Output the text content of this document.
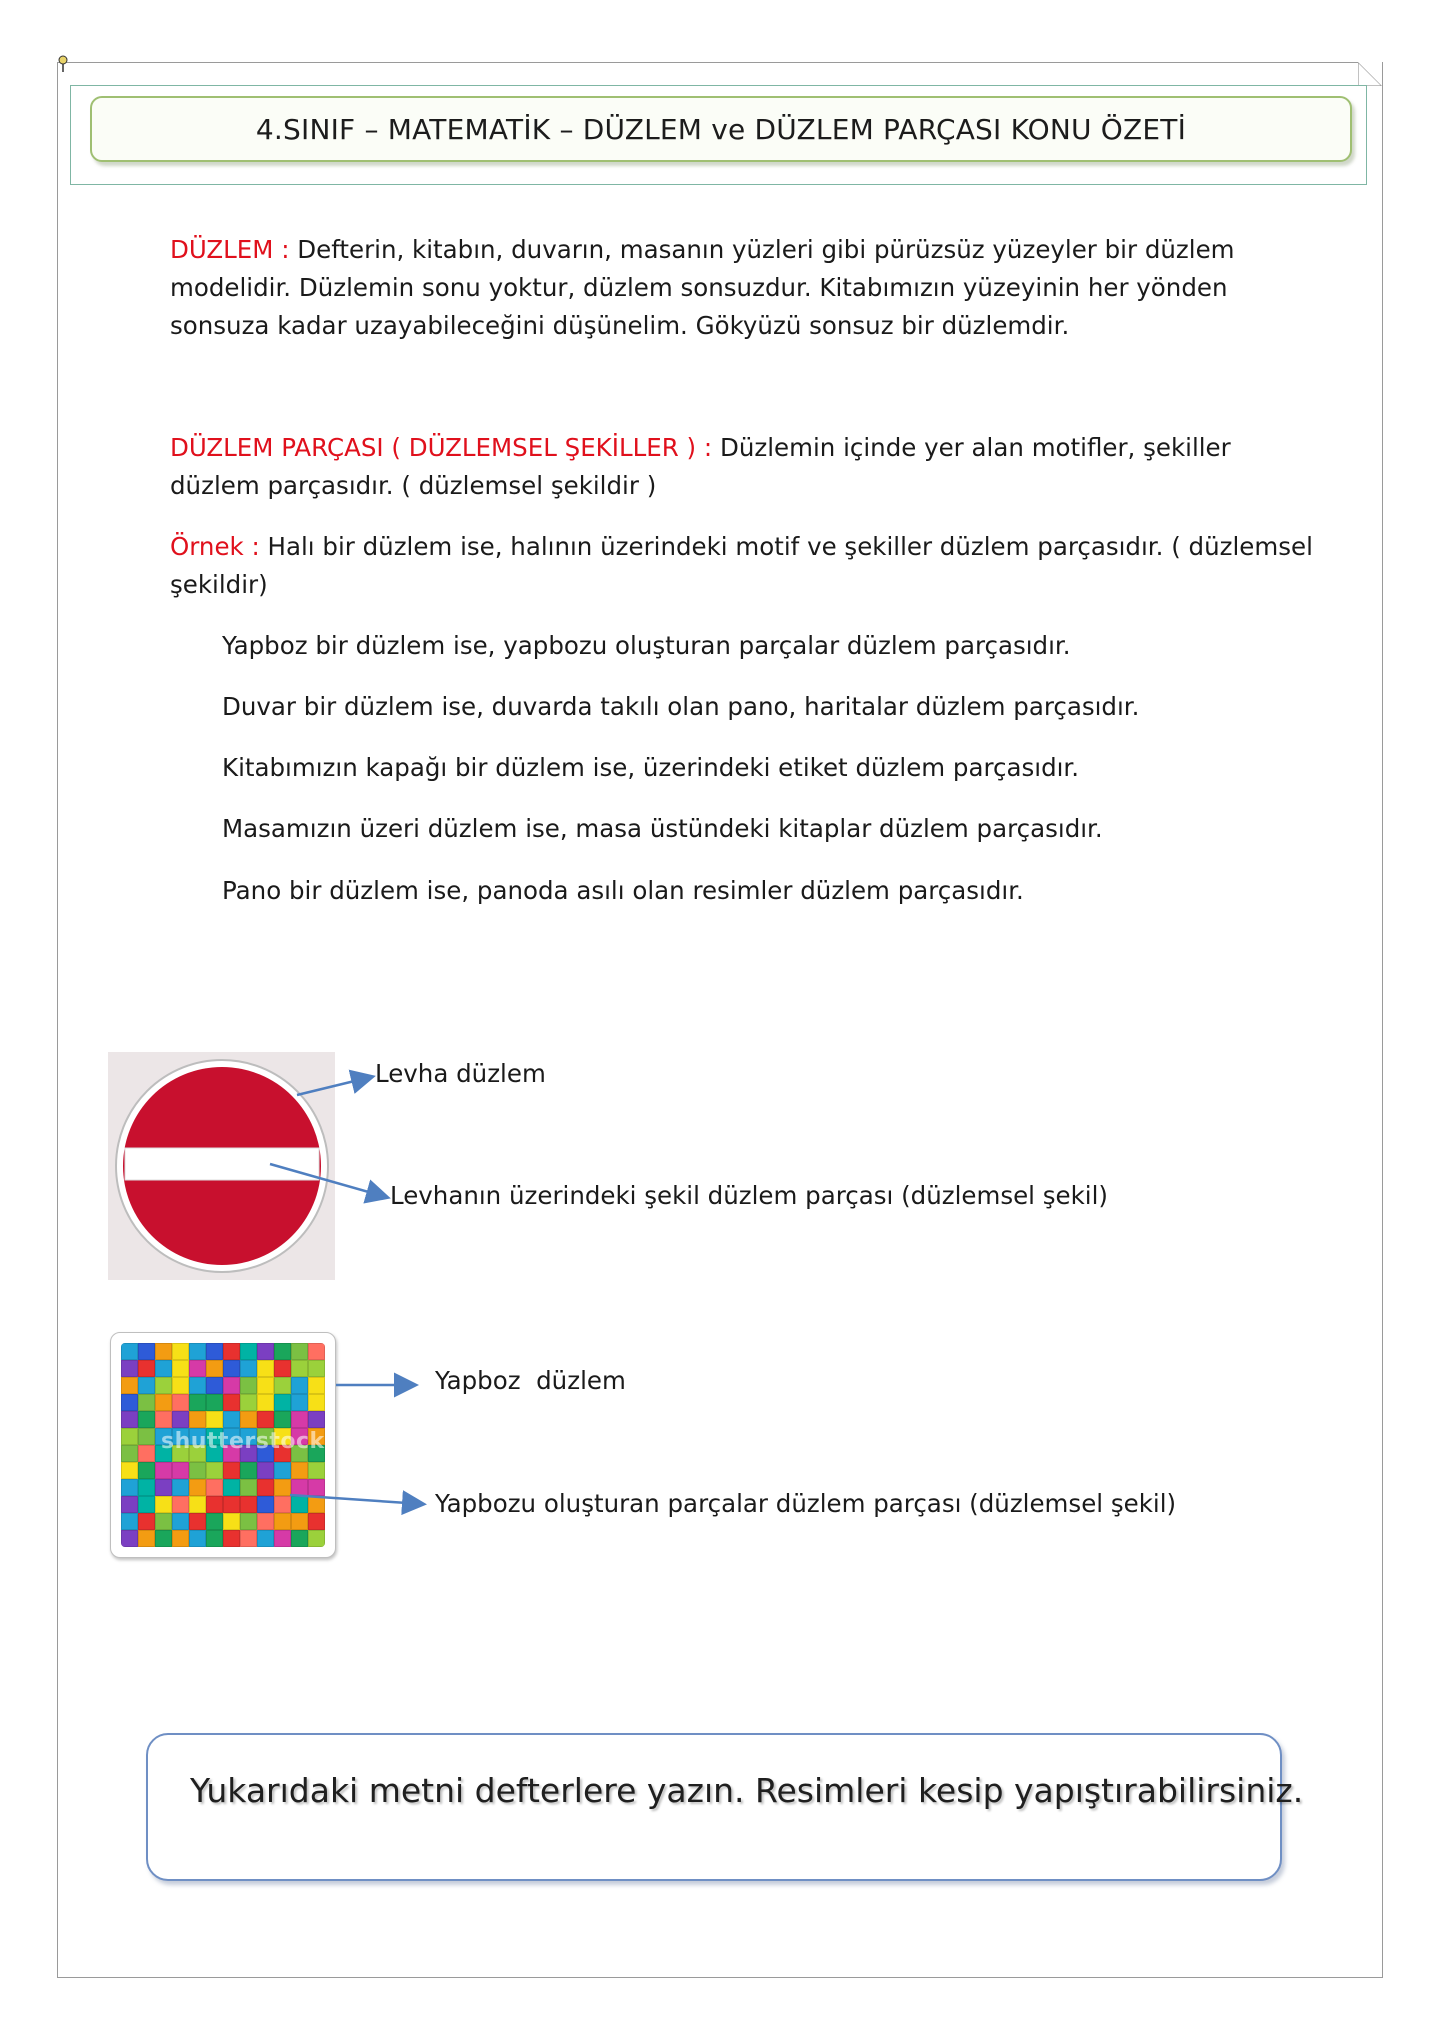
4.SINIF – MATEMATİK – DÜZLEM ve DÜZLEM PARÇASI KONU ÖZETİ
DÜZLEM : Defterin, kitabın, duvarın, masanın yüzleri gibi pürüzsüz yüzeyler bir düzlem
modelidir. Düzlemin sonu yoktur, düzlem sonsuzdur. Kitabımızın yüzeyinin her yönden
sonsuza kadar uzayabileceğini düşünelim. Gökyüzü sonsuz bir düzlemdir.
DÜZLEM PARÇASI ( DÜZLEMSEL ŞEKİLLER ) : Düzlemin içinde yer alan motifler, şekiller
düzlem parçasıdır. ( düzlemsel şekildir )
Örnek : Halı bir düzlem ise, halının üzerindeki motif ve şekiller düzlem parçasıdır. ( düzlemsel
şekildir)
Yapboz bir düzlem ise, yapbozu oluşturan parçalar düzlem parçasıdır.
Duvar bir düzlem ise, duvarda takılı olan pano, haritalar düzlem parçasıdır.
Kitabımızın kapağı bir düzlem ise, üzerindeki etiket düzlem parçasıdır.
Masamızın üzeri düzlem ise, masa üstündeki kitaplar düzlem parçasıdır.
Pano bir düzlem ise, panoda asılı olan resimler düzlem parçasıdır.
shutterstock
Levha düzlem
Levhanın üzerindeki şekil düzlem parçası (düzlemsel şekil)
Yapboz  düzlem
Yapbozu oluşturan parçalar düzlem parçası (düzlemsel şekil)
Yukarıdaki metni defterlere yazın. Resimleri kesip yapıştırabilirsiniz.
